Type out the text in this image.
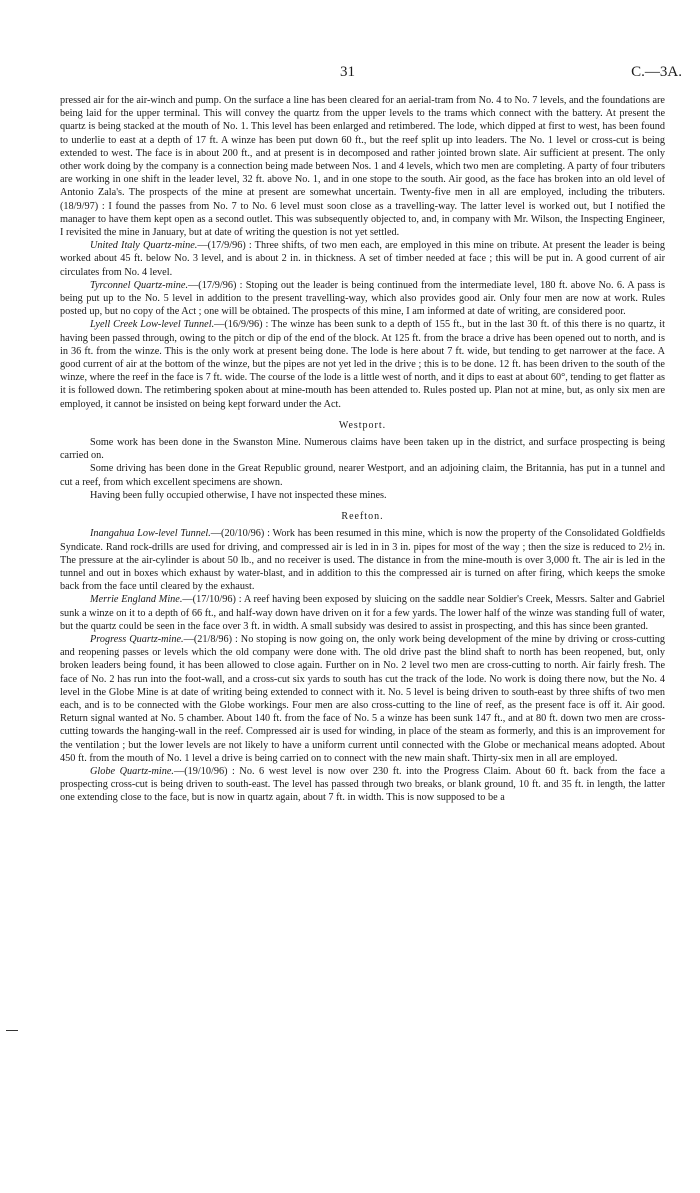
31	C.—3A.

pressed air for the air-winch and pump. On the surface a line has been cleared for an aerial-tram from No. 4 to No. 7 levels, and the foundations are being laid for the upper terminal. This will convey the quartz from the upper levels to the trams which connect with the battery. At present the quartz is being stacked at the mouth of No. 1. This level has been enlarged and retimbered. The lode, which dipped at first to west, has been found to underlie to east at a depth of 17 ft. A winze has been put down 60 ft., but the reef split up into leaders. The No. 1 level or cross-cut is being extended to west. The face is in about 200 ft., and at present is in decomposed and rather jointed brown slate. Air sufficient at present. The only other work doing by the company is a connection being made between Nos. 1 and 4 levels, which two men are completing. A party of four tributers are working in one shift in the leader level, 32 ft. above No. 1, and in one stope to the south. Air good, as the face has broken into an old level of Antonio Zala's. The prospects of the mine at present are somewhat uncertain. Twenty-five men in all are employed, including the tributers. (18/9/97) : I found the passes from No. 7 to No. 6 level must soon close as a travelling-way. The latter level is worked out, but I notified the manager to have them kept open as a second outlet. This was subsequently objected to, and, in company with Mr. Wilson, the Inspecting Engineer, I revisited the mine in January, but at date of writing the question is not yet settled.

United Italy Quartz-mine.—(17/9/96) : Three shifts, of two men each, are employed in this mine on tribute. At present the leader is being worked about 45 ft. below No. 3 level, and is about 2 in. in thickness. A set of timber needed at face ; this will be put in. A good current of air circulates from No. 4 level.

Tyrconnel Quartz-mine.—(17/9/96) : Stoping out the leader is being continued from the intermediate level, 180 ft. above No. 6. A pass is being put up to the No. 5 level in addition to the present travelling-way, which also provides good air. Only four men are now at work. Rules posted up, but no copy of the Act ; one will be obtained. The prospects of this mine, I am informed at date of writing, are considered poor.

Lyell Creek Low-level Tunnel.—(16/9/96) : The winze has been sunk to a depth of 155 ft., but in the last 30 ft. of this there is no quartz, it having been passed through, owing to the pitch or dip of the end of the block. At 125 ft. from the brace a drive has been opened out to north, and is in 36 ft. from the winze. This is the only work at present being done. The lode is here about 7 ft. wide, but tending to get narrower at the face. A good current of air at the bottom of the winze, but the pipes are not yet led in the drive ; this is to be done. 12 ft. has been driven to the south of the winze, where the reef in the face is 7 ft. wide. The course of the lode is a little west of north, and it dips to east at about 60°, tending to get flatter as it is followed down. The retimbering spoken about at mine-mouth has been attended to. Rules posted up. Plan not at mine, but, as only six men are employed, it cannot be insisted on being kept forward under the Act.

Westport.

Some work has been done in the Swanston Mine. Numerous claims have been taken up in the district, and surface prospecting is being carried on.

Some driving has been done in the Great Republic ground, nearer Westport, and an adjoining claim, the Britannia, has put in a tunnel and cut a reef, from which excellent specimens are shown.

Having been fully occupied otherwise, I have not inspected these mines.

Reefton.

Inangahua Low-level Tunnel.—(20/10/96) : Work has been resumed in this mine, which is now the property of the Consolidated Goldfields Syndicate. Rand rock-drills are used for driving, and compressed air is led in in 3 in. pipes for most of the way ; then the size is reduced to 2½ in. The pressure at the air-cylinder is about 50 lb., and no receiver is used. The distance in from the mine-mouth is over 3,000 ft. The air is led in the tunnel and out in boxes which exhaust by water-blast, and in addition to this the compressed air is turned on after firing, which keeps the smoke back from the face until cleared by the exhaust.

Merrie England Mine.—(17/10/96) : A reef having been exposed by sluicing on the saddle near Soldier's Creek, Messrs. Salter and Gabriel sunk a winze on it to a depth of 66 ft., and half-way down have driven on it for a few yards. The lower half of the winze was standing full of water, but the quartz could be seen in the face over 3 ft. in width. A small subsidy was desired to assist in prospecting, and this has since been granted.

Progress Quartz-mine.—(21/8/96) : No stoping is now going on, the only work being development of the mine by driving or cross-cutting and reopening passes or levels which the old company were done with. The old drive past the blind shaft to north has been reopened, but, only broken leaders being found, it has been allowed to close again. Further on in No. 2 level two men are cross-cutting to north. Air fairly fresh. The face of No. 2 has run into the foot-wall, and a cross-cut six yards to south has cut the track of the lode. No work is doing there now, but the No. 4 level in the Globe Mine is at date of writing being extended to connect with it. No. 5 level is being driven to south-east by three shifts of two men each, and is to be connected with the Globe workings. Four men are also cross-cutting to the line of reef, as the present face is off it. Air good. Return signal wanted at No. 5 chamber. About 140 ft. from the face of No. 5 a winze has been sunk 147 ft., and at 80 ft. down two men are cross-cutting towards the hanging-wall in the reef. Compressed air is used for winding, in place of the steam as formerly, and this is an improvement for the ventilation ; but the lower levels are not likely to have a uniform current until connected with the Globe or mechanical means adopted. About 450 ft. from the mouth of No. 1 level a drive is being carried on to connect with the new main shaft. Thirty-six men in all are employed.

Globe Quartz-mine.—(19/10/96) : No. 6 west level is now over 230 ft. into the Progress Claim. About 60 ft. back from the face a prospecting cross-cut is being driven to south-east. The level has passed through two breaks, or blank ground, 10 ft. and 35 ft. in length, the latter one extending close to the face, but is now in quartz again, about 7 ft. in width. This is now supposed to be a
